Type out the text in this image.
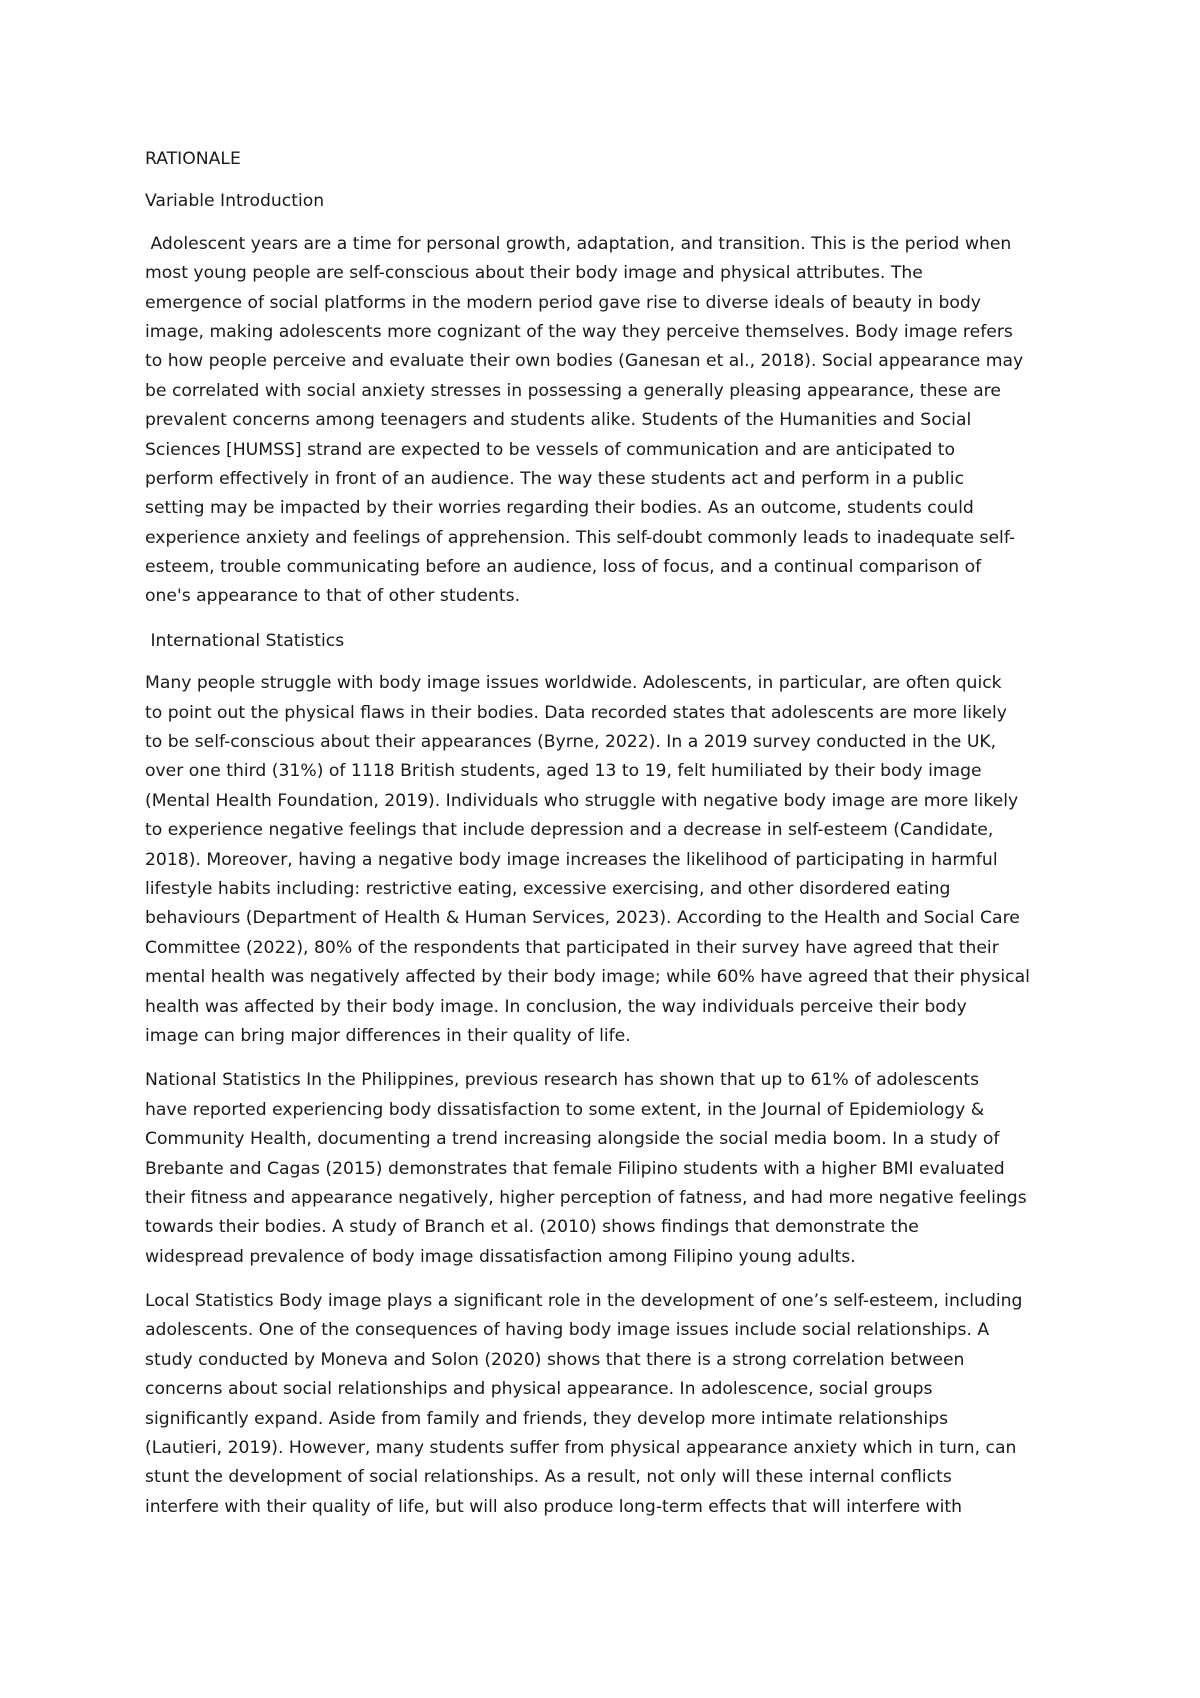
RATIONALE
Variable Introduction
Adolescent years are a time for personal growth, adaptation, and transition. This is the period when
most young people are self-conscious about their body image and physical attributes. The
emergence of social platforms in the modern period gave rise to diverse ideals of beauty in body
image, making adolescents more cognizant of the way they perceive themselves. Body image refers
to how people perceive and evaluate their own bodies (Ganesan et al., 2018). Social appearance may
be correlated with social anxiety stresses in possessing a generally pleasing appearance, these are
prevalent concerns among teenagers and students alike. Students of the Humanities and Social
Sciences [HUMSS] strand are expected to be vessels of communication and are anticipated to
perform effectively in front of an audience. The way these students act and perform in a public
setting may be impacted by their worries regarding their bodies. As an outcome, students could
experience anxiety and feelings of apprehension. This self-doubt commonly leads to inadequate self-
esteem, trouble communicating before an audience, loss of focus, and a continual comparison of
one's appearance to that of other students.
International Statistics
Many people struggle with body image issues worldwide. Adolescents, in particular, are often quick
to point out the physical flaws in their bodies. Data recorded states that adolescents are more likely
to be self-conscious about their appearances (Byrne, 2022). In a 2019 survey conducted in the UK,
over one third (31%) of 1118 British students, aged 13 to 19, felt humiliated by their body image
(Mental Health Foundation, 2019). Individuals who struggle with negative body image are more likely
to experience negative feelings that include depression and a decrease in self-esteem (Candidate,
2018). Moreover, having a negative body image increases the likelihood of participating in harmful
lifestyle habits including: restrictive eating, excessive exercising, and other disordered eating
behaviours (Department of Health & Human Services, 2023). According to the Health and Social Care
Committee (2022), 80% of the respondents that participated in their survey have agreed that their
mental health was negatively affected by their body image; while 60% have agreed that their physical
health was affected by their body image. In conclusion, the way individuals perceive their body
image can bring major differences in their quality of life.
National Statistics In the Philippines, previous research has shown that up to 61% of adolescents
have reported experiencing body dissatisfaction to some extent, in the Journal of Epidemiology &
Community Health, documenting a trend increasing alongside the social media boom. In a study of
Brebante and Cagas (2015) demonstrates that female Filipino students with a higher BMI evaluated
their fitness and appearance negatively, higher perception of fatness, and had more negative feelings
towards their bodies. A study of Branch et al. (2010) shows findings that demonstrate the
widespread prevalence of body image dissatisfaction among Filipino young adults.
Local Statistics Body image plays a significant role in the development of one’s self-esteem, including
adolescents. One of the consequences of having body image issues include social relationships. A
study conducted by Moneva and Solon (2020) shows that there is a strong correlation between
concerns about social relationships and physical appearance. In adolescence, social groups
significantly expand. Aside from family and friends, they develop more intimate relationships
(Lautieri, 2019). However, many students suffer from physical appearance anxiety which in turn, can
stunt the development of social relationships. As a result, not only will these internal conflicts
interfere with their quality of life, but will also produce long-term effects that will interfere with
